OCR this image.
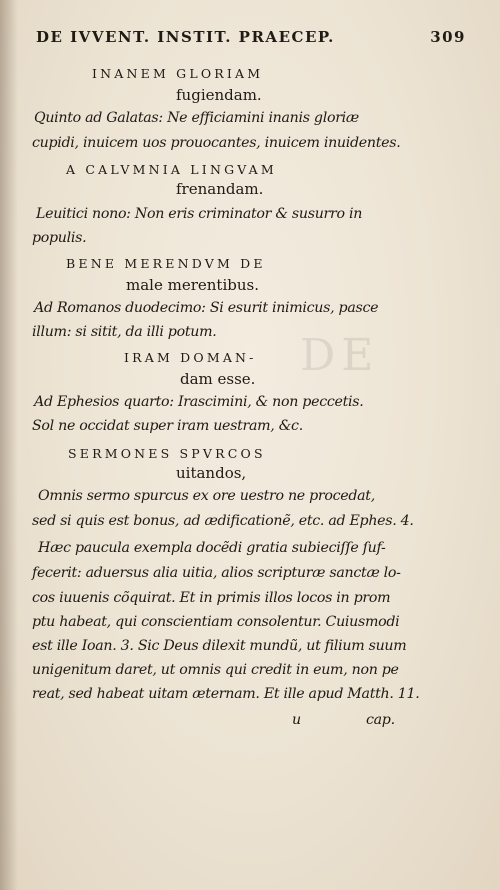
DE
DE IVVENT. INSTIT. PRAECEP.	309
INANEM GLORIAM
fugiendam.
Quinto ad Galatas: Ne efficiamini inanis gloriæ
cupidi, inuicem uos prouocantes, inuicem inuidentes.
A CALVMNIA LINGVAM
frenandam.
Leuitici nono: Non eris criminator & susurro in
populis.
BENE MERENDVM DE
male merentibus.
Ad Romanos duodecimo: Si esurit inimicus, pasce
illum: si sitit, da illi potum.
IRAM DOMAN-
dam esse.
Ad Ephesios quarto: Irascimini, & non peccetis.
Sol ne occidat super iram uestram, &c.
SERMONES SPVRCOS
uitandos,
Omnis sermo spurcus ex ore uestro ne procedat,
sed si quis est bonus, ad ædificationẽ, etc. ad Ephes. 4.
Hæc paucula exempla docẽdi gratia subieciſſe ſuf-
fecerit: aduersus alia uitia, alios scripturæ sanctæ lo-
cos iuuenis cõquirat. Et in primis illos locos in prom
ptu habeat, qui conscientiam consolentur. Cuiusmodi
est ille Ioan. 3. Sic Deus dilexit mundũ, ut filium suum
unigenitum daret, ut omnis qui credit in eum, non pe
reat, sed habeat uitam æternam. Et ille apud Matth. 11.
u	cap.
